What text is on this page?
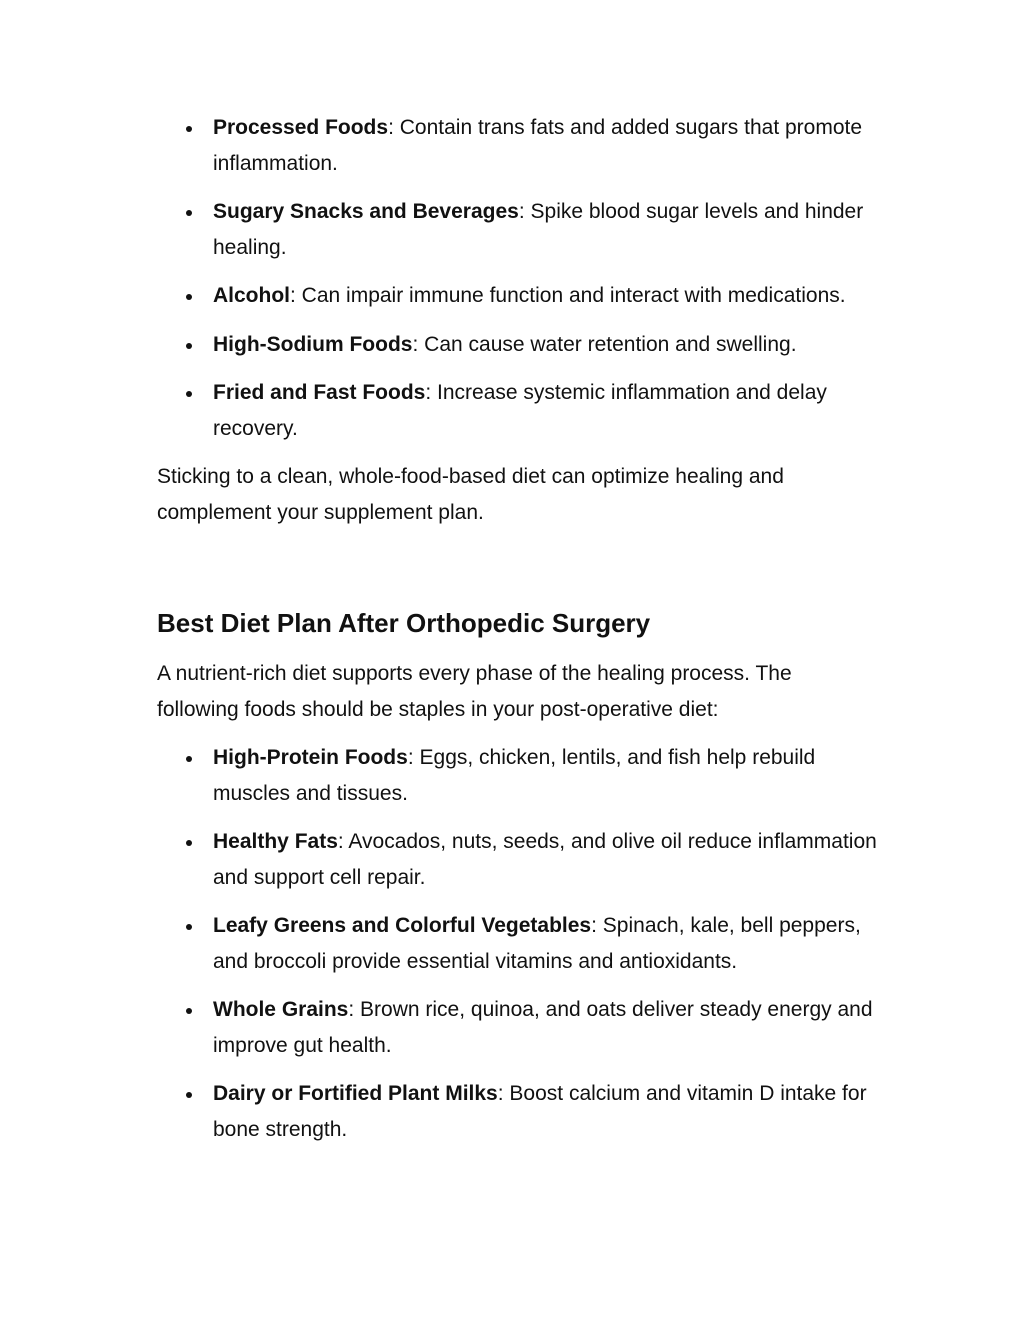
Processed Foods: Contain trans fats and added sugars that promote inflammation.
Sugary Snacks and Beverages: Spike blood sugar levels and hinder healing.
Alcohol: Can impair immune function and interact with medications.
High-Sodium Foods: Can cause water retention and swelling.
Fried and Fast Foods: Increase systemic inflammation and delay recovery.

Sticking to a clean, whole-food-based diet can optimize healing and complement your supplement plan.

Best Diet Plan After Orthopedic Surgery

A nutrient-rich diet supports every phase of the healing process. The following foods should be staples in your post-operative diet:

High-Protein Foods: Eggs, chicken, lentils, and fish help rebuild muscles and tissues.
Healthy Fats: Avocados, nuts, seeds, and olive oil reduce inflammation and support cell repair.
Leafy Greens and Colorful Vegetables: Spinach, kale, bell peppers, and broccoli provide essential vitamins and antioxidants.
Whole Grains: Brown rice, quinoa, and oats deliver steady energy and improve gut health.
Dairy or Fortified Plant Milks: Boost calcium and vitamin D intake for bone strength.
